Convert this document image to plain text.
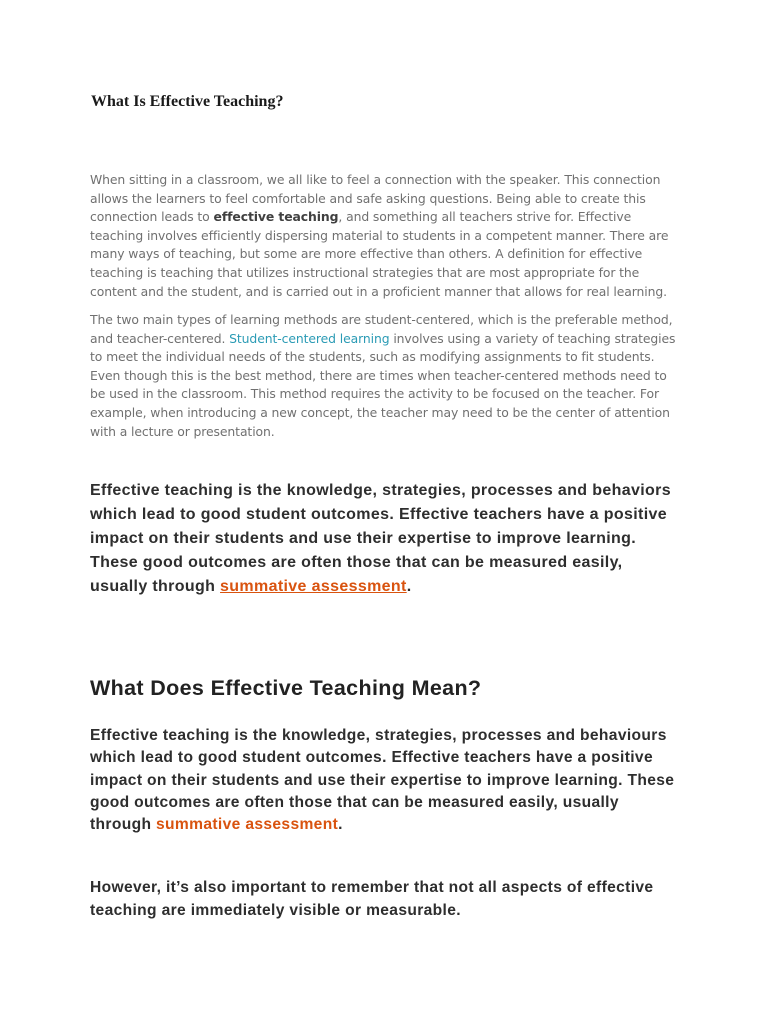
What Is Effective Teaching?

When sitting in a classroom, we all like to feel a connection with the speaker. This connection allows the learners to feel comfortable and safe asking questions. Being able to create this connection leads to effective teaching, and something all teachers strive for. Effective teaching involves efficiently dispersing material to students in a competent manner. There are many ways of teaching, but some are more effective than others. A definition for effective teaching is teaching that utilizes instructional strategies that are most appropriate for the content and the student, and is carried out in a proficient manner that allows for real learning.

The two main types of learning methods are student-centered, which is the preferable method, and teacher-centered. Student-centered learning involves using a variety of teaching strategies to meet the individual needs of the students, such as modifying assignments to fit students. Even though this is the best method, there are times when teacher-centered methods need to be used in the classroom. This method requires the activity to be focused on the teacher. For example, when introducing a new concept, the teacher may need to be the center of attention with a lecture or presentation.

Effective teaching is the knowledge, strategies, processes and behaviors which lead to good student outcomes. Effective teachers have a positive impact on their students and use their expertise to improve learning. These good outcomes are often those that can be measured easily, usually through summative assessment.

What Does Effective Teaching Mean?

Effective teaching is the knowledge, strategies, processes and behaviours which lead to good student outcomes. Effective teachers have a positive impact on their students and use their expertise to improve learning. These good outcomes are often those that can be measured easily, usually through summative assessment.

However, it’s also important to remember that not all aspects of effective teaching are immediately visible or measurable.
